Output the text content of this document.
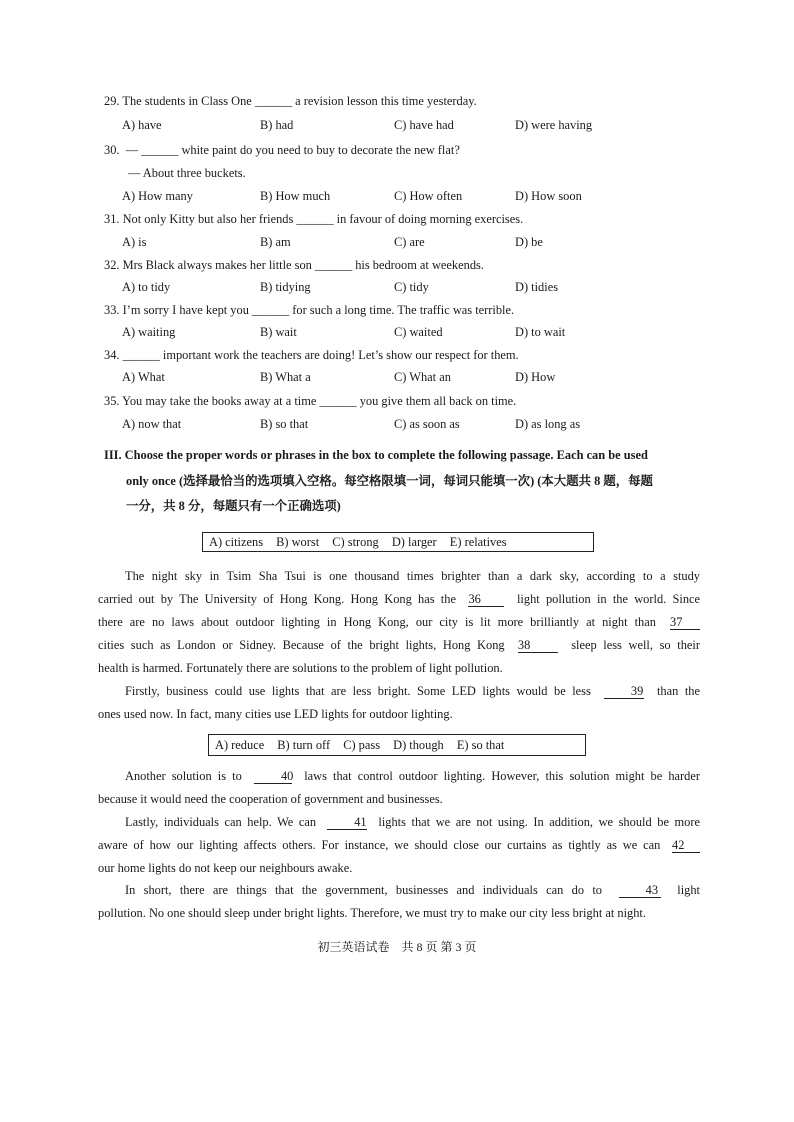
29. The students in Class One ______ a revision lesson this time yesterday.
A) have	B) had	C) have had	D) were having
30. — ______ white paint do you need to buy to decorate the new flat?
— About three buckets.
A) How many	B) How much	C) How often	D) How soon
31. Not only Kitty but also her friends ______ in favour of doing morning exercises.
A) is	B) am	C) are	D) be
32. Mrs Black always makes her little son ______ his bedroom at weekends.
A) to tidy	B) tidying	C) tidy	D) tidies
33. I’m sorry I have kept you ______ for such a long time. The traffic was terrible.
A) waiting	B) wait	C) waited	D) to wait
34. ______ important work the teachers are doing! Let’s show our respect for them.
A) What	B) What a	C) What an	D) How
35. You may take the books away at a time ______ you give them all back on time.
A) now that	B) so that	C) as soon as	D) as long as
III. Choose the proper words or phrases in the box to complete the following passage. Each can be used
only once (选择最恰当的选项填入空格。每空格限填一词，每词只能填一次) (本大题共 8 题，每题
一分，共 8 分，每题只有一个正确选项)
A) citizens B) worst C) strong D) larger E) relatives
The night sky in Tsim Sha Tsui is one thousand times brighter than a dark sky, according to a study
carried out by The University of Hong Kong. Hong Kong has the 36	light pollution in the world. Since
there are no laws about outdoor lighting in Hong Kong, our city is lit more brilliantly at night than 37
cities such as London or Sidney. Because of the bright lights, Hong Kong 38	sleep less well, so their
health is harmed. Fortunately there are solutions to the problem of light pollution.
Firstly, business could use lights that are less bright. Some LED lights would be less	39 than the
ones used now. In fact, many cities use LED lights for outdoor lighting.
A) reduce B) turn off C) pass D) though E) so that
Another solution is to	40 laws that control outdoor lighting. However, this solution might be harder
because it would need the cooperation of government and businesses.
Lastly, individuals can help. We can	41 lights that we are not using. In addition, we should be more
aware of how our lighting affects others. For instance, we should close our curtains as tightly as we can 42
our home lights do not keep our neighbours awake.
In short, there are things that the government, businesses and individuals can do to	43 light
pollution. No one should sleep under bright lights. Therefore, we must try to make our city less bright at night.
初三英语试卷　共 8 页 第 3 页
